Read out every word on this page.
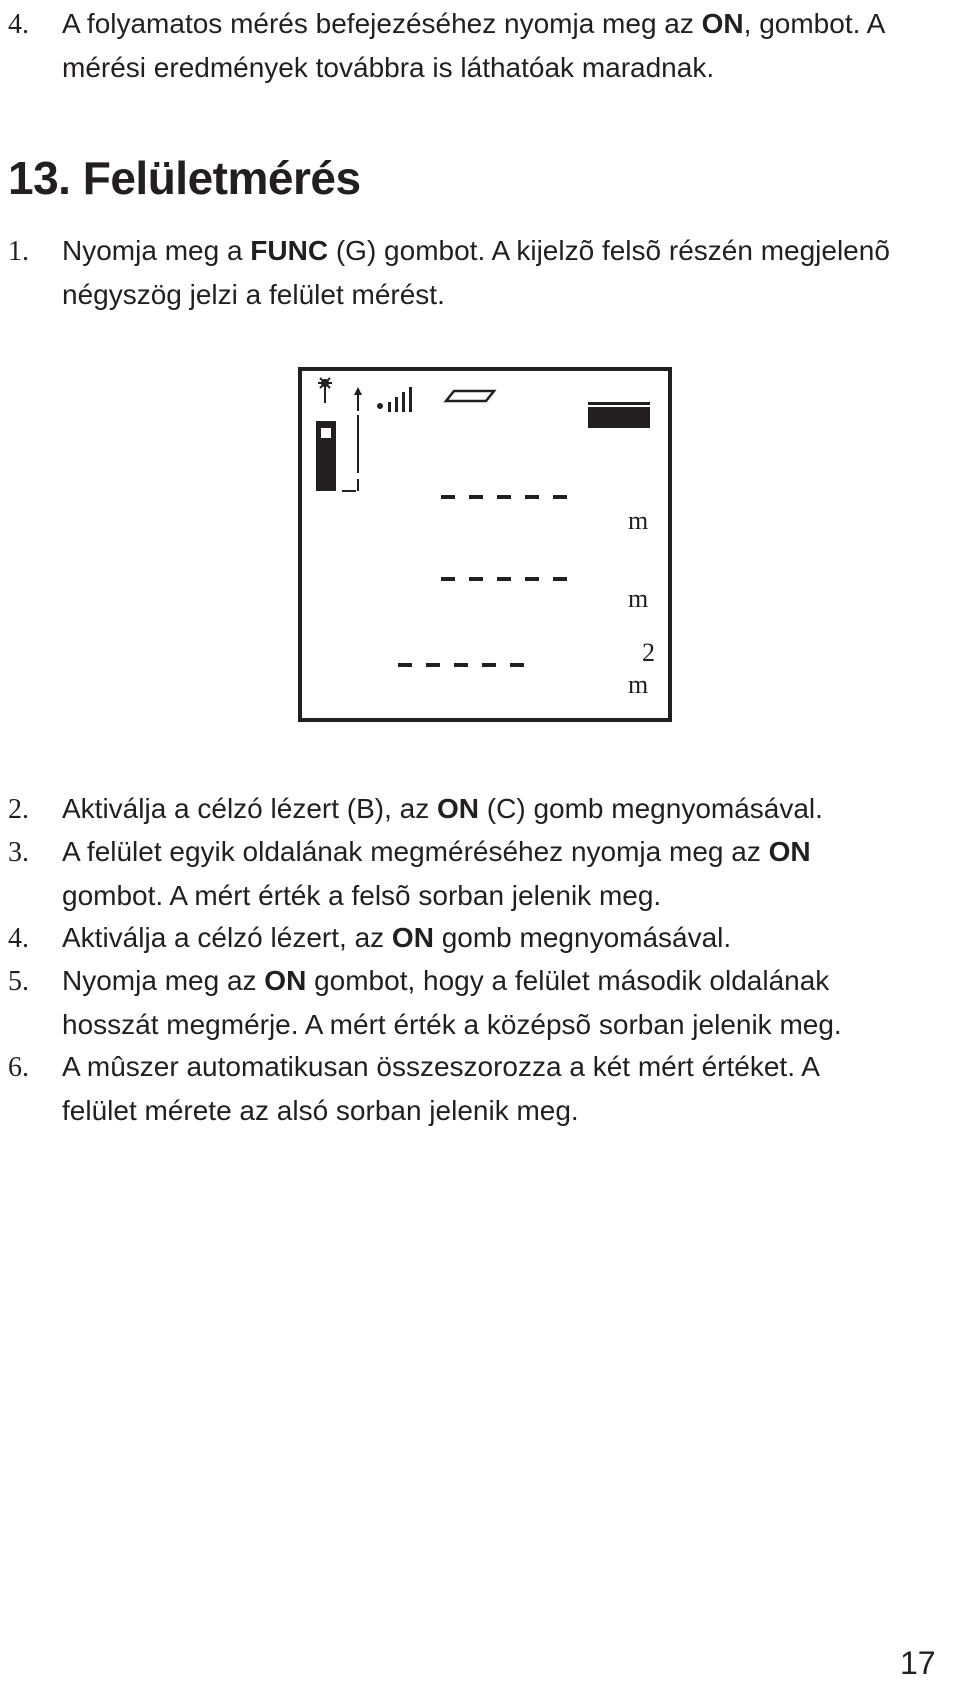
4. A folyamatos mérés befejezéséhez nyomja meg az ON, gombot. A
mérési eredmények továbbra is láthatóak maradnak.
13. Felületmérés
1. Nyomja meg a FUNC (G) gombot. A kijelzõ felsõ részén megjelenõ
négyszög jelzi a felület mérést.
m
m
2
m
2. Aktiválja a célzó lézert (B), az ON (C) gomb megnyomásával.
3. A felület egyik oldalának megméréséhez nyomja meg az ON
gombot. A mért érték a felsõ sorban jelenik meg.
4. Aktiválja a célzó lézert, az ON gomb megnyomásával.
5. Nyomja meg az ON gombot, hogy a felület második oldalának
hosszát megmérje. A mért érték a középsõ sorban jelenik meg.
6. A mûszer automatikusan összeszorozza a két mért értéket. A
felület mérete az alsó sorban jelenik meg.
17
